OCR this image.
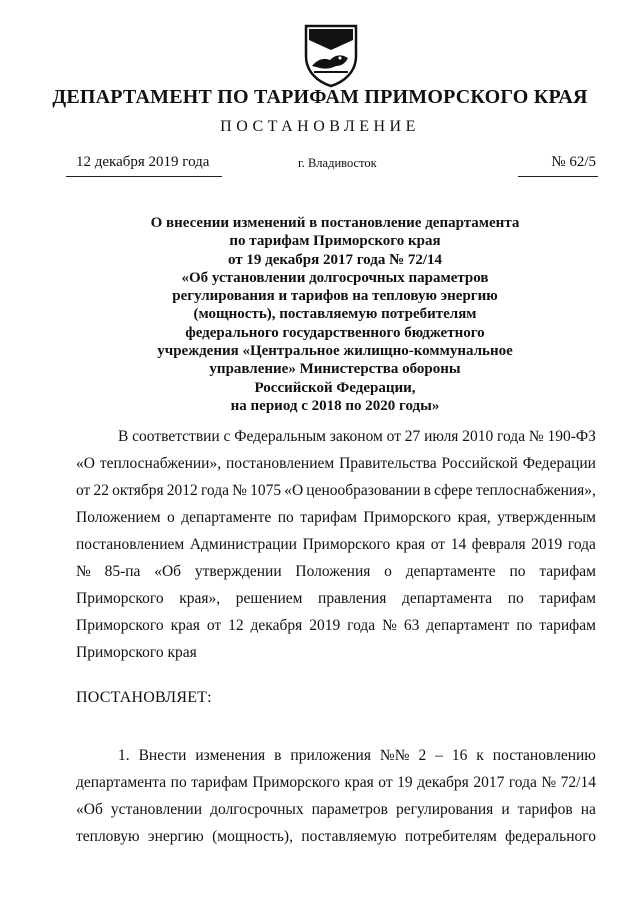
ДЕПАРТАМЕНТ ПО ТАРИФАМ ПРИМОРСКОГО КРАЯ
ПОСТАНОВЛЕНИЕ
12 декабря 2019 года	г. Владивосток	№ 62/5
О внесении изменений в постановление департамента
по тарифам Приморского края
от 19 декабря 2017 года № 72/14
«Об установлении долгосрочных параметров
регулирования и тарифов на тепловую энергию
(мощность), поставляемую потребителям
федерального государственного бюджетного
учреждения «Центральное жилищно-коммунальное
управление» Министерства обороны
Российской Федерации,
на период с 2018 по 2020 годы»
В соответствии с Федеральным законом от 27 июля 2010 года № 190-ФЗ
«О теплоснабжении», постановлением Правительства Российской Федерации
от 22 октября 2012 года № 1075 «О ценообразовании в сфере теплоснабжения»,
Положением о департаменте по тарифам Приморского края, утвержденным
постановлением Администрации Приморского края от 14 февраля 2019 года
№ 85-па «Об утверждении Положения о департаменте по тарифам
Приморского края», решением правления департамента по тарифам
Приморского края от 12 декабря 2019 года № 63 департамент по тарифам
Приморского края
ПОСТАНОВЛЯЕТ:
1. Внести изменения в приложения №№ 2 – 16 к постановлению
департамента по тарифам Приморского края от 19 декабря 2017 года № 72/14
«Об установлении долгосрочных параметров регулирования и тарифов на
тепловую энергию (мощность), поставляемую потребителям федерального
